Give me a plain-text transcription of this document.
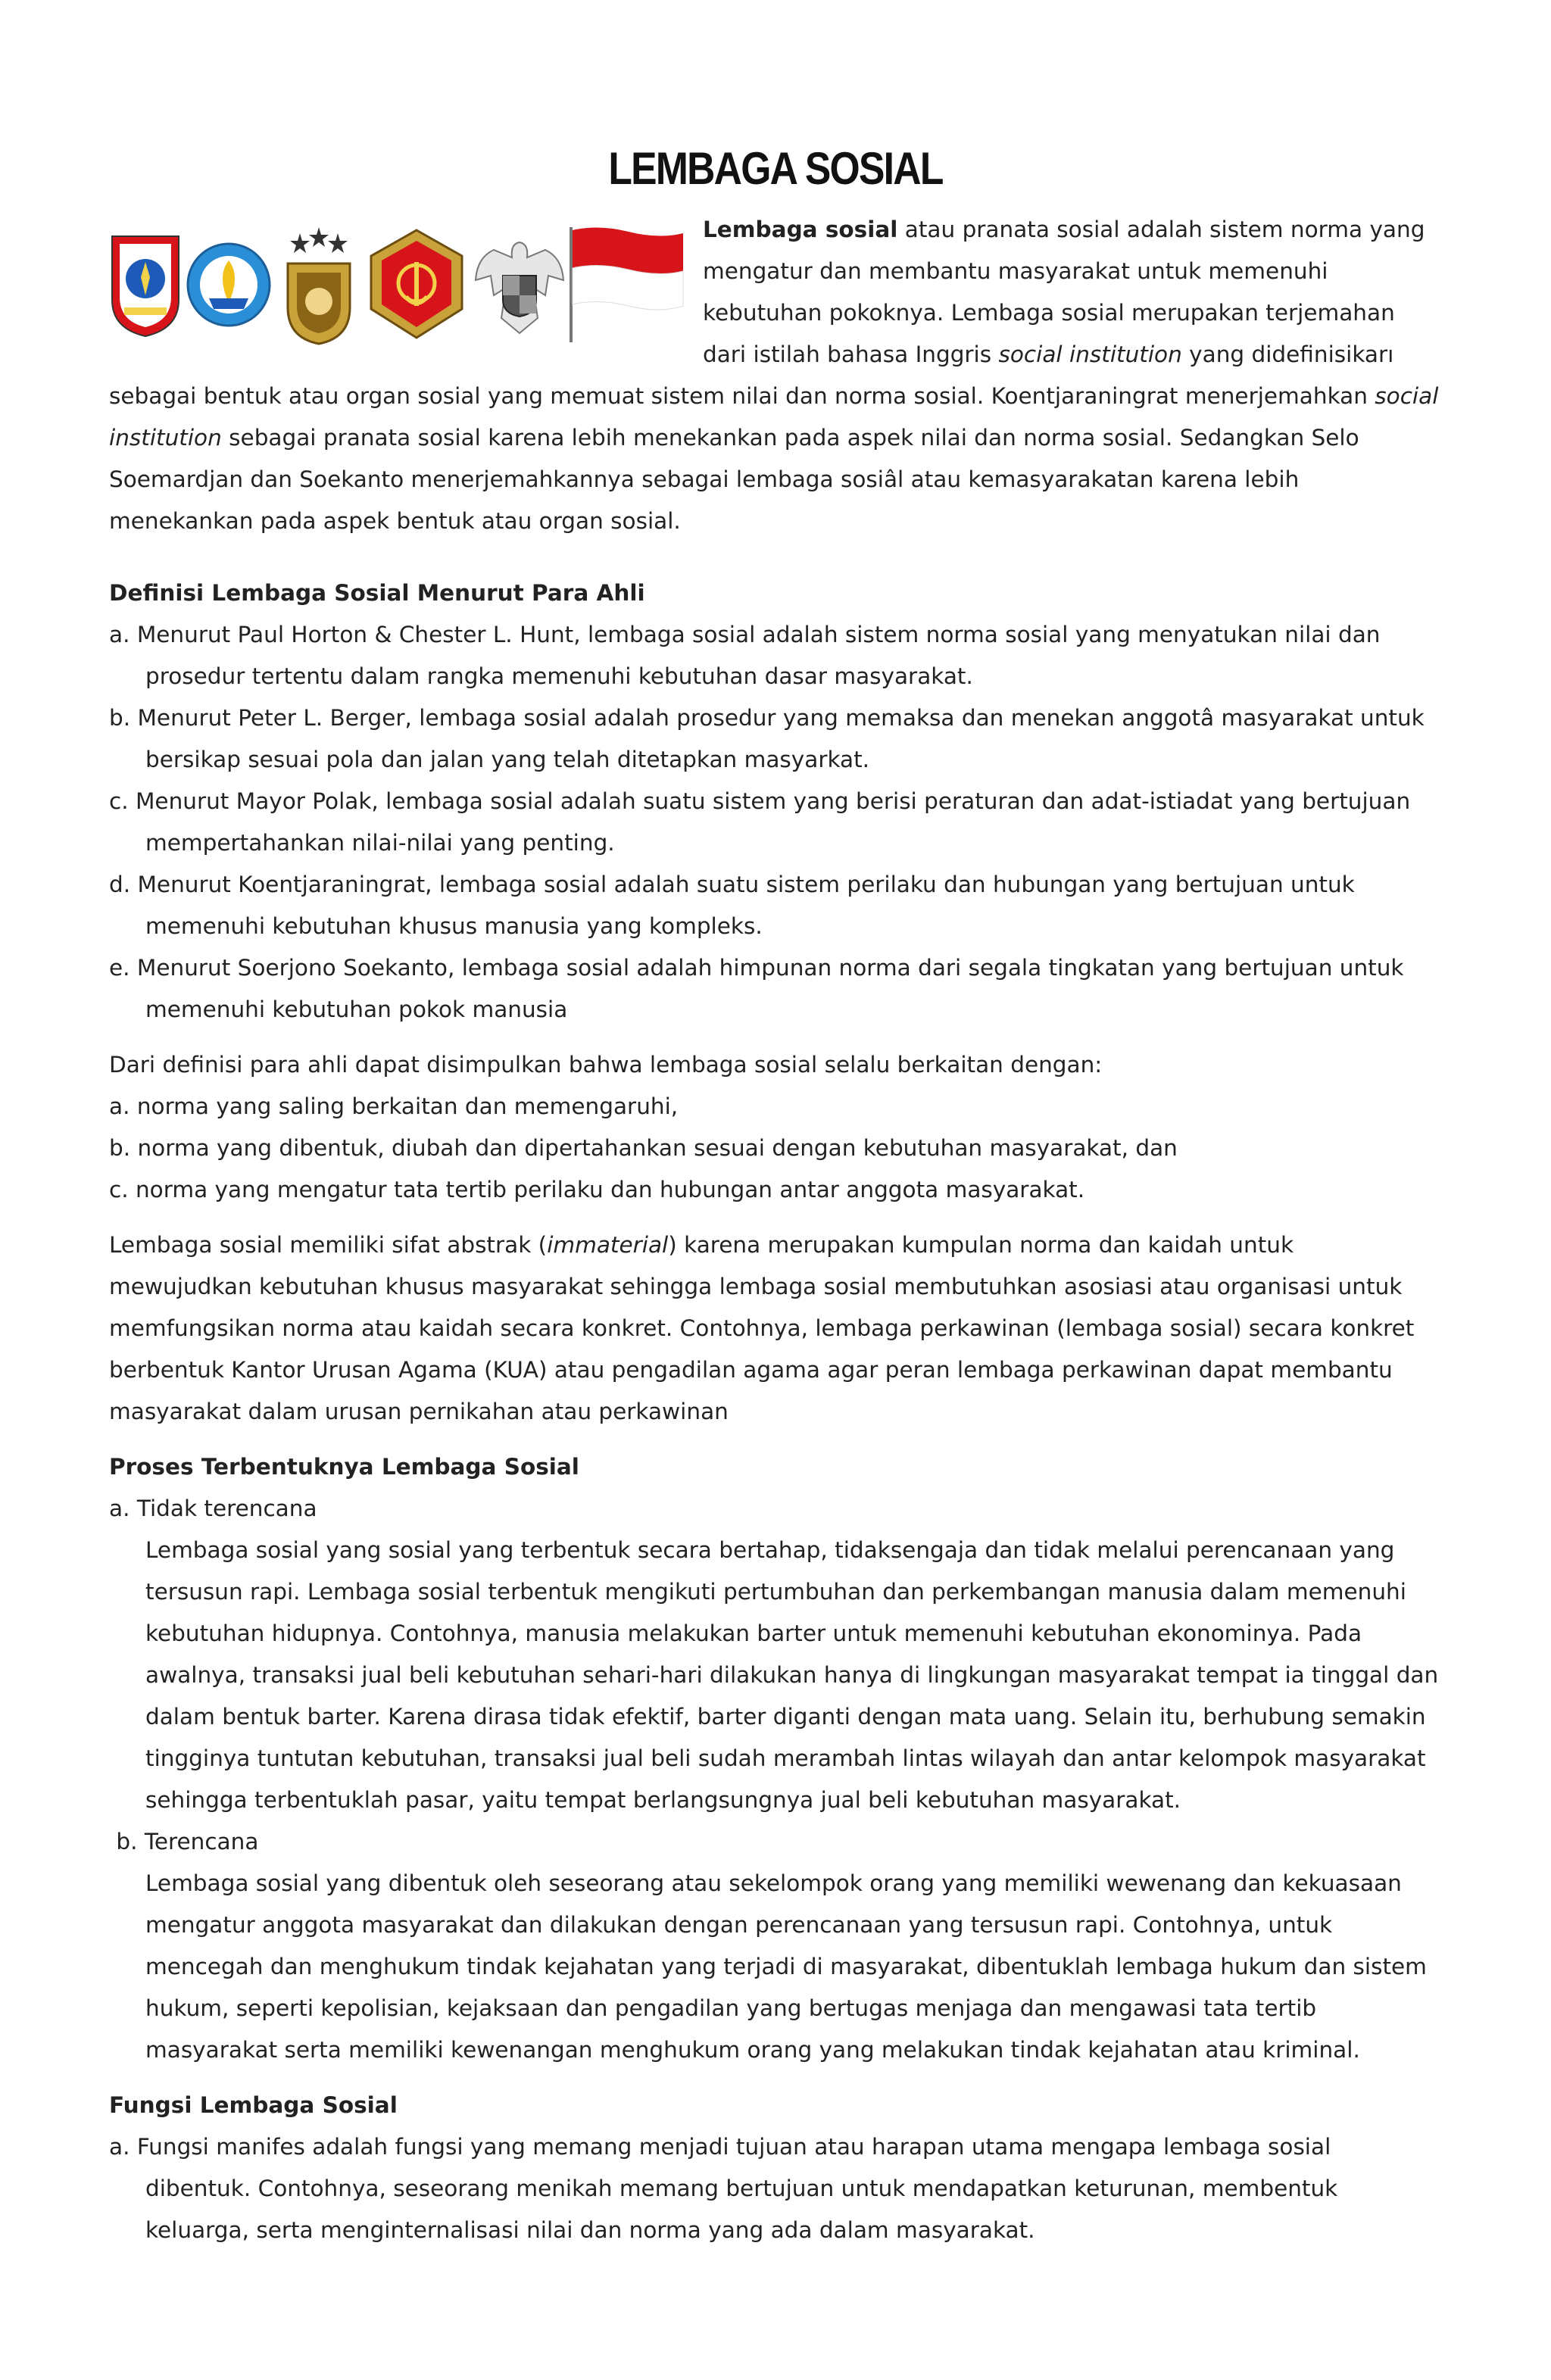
LEMBAGA SOSIAL

Lembaga sosial atau pranata sosial adalah sistem norma yang mengatur dan membantu masyarakat untuk memenuhi kebutuhan pokoknya. Lembaga sosial merupakan terjemahan dari istilah bahasa Inggris social institution yang didefinisikarı

sebagai bentuk atau organ sosial yang memuat sistem nilai dan norma sosial. Koentjaraningrat menerjemahkan social institution sebagai pranata sosial karena lebih menekankan pada aspek nilai dan norma sosial. Sedangkan Selo Soemardjan dan Soekanto menerjemahkannya sebagai lembaga sosiâl atau kemasyarakatan karena lebih menekankan pada aspek bentuk atau organ sosial.

Definisi Lembaga Sosial Menurut Para Ahli

a. Menurut Paul Horton & Chester L. Hunt, lembaga sosial adalah sistem norma sosial yang menyatukan nilai dan prosedur tertentu dalam rangka memenuhi kebutuhan dasar masyarakat.

b. Menurut Peter L. Berger, lembaga sosial adalah prosedur yang memaksa dan menekan anggotâ masyarakat untuk bersikap sesuai pola dan jalan yang telah ditetapkan masyarkat.

c. Menurut Mayor Polak, lembaga sosial adalah suatu sistem yang berisi peraturan dan adat-istiadat yang bertujuan mempertahankan nilai-nilai yang penting.

d. Menurut Koentjaraningrat, lembaga sosial adalah suatu sistem perilaku dan hubungan yang bertujuan untuk memenuhi kebutuhan khusus manusia yang kompleks.

e. Menurut Soerjono Soekanto, lembaga sosial adalah himpunan norma dari segala tingkatan yang bertujuan untuk memenuhi kebutuhan pokok manusia

Dari definisi para ahli dapat disimpulkan bahwa lembaga sosial selalu berkaitan dengan:

a. norma yang saling berkaitan dan memengaruhi,

b. norma yang dibentuk, diubah dan dipertahankan sesuai dengan kebutuhan masyarakat, dan

c. norma yang mengatur tata tertib perilaku dan hubungan antar anggota masyarakat.

Lembaga sosial memiliki sifat abstrak (immaterial) karena merupakan kumpulan norma dan kaidah untuk mewujudkan kebutuhan khusus masyarakat sehingga lembaga sosial membutuhkan asosiasi atau organisasi untuk memfungsikan norma atau kaidah secara konkret. Contohnya, lembaga perkawinan (lembaga sosial) secara konkret berbentuk Kantor Urusan Agama (KUA) atau pengadilan agama agar peran lembaga perkawinan dapat membantu masyarakat dalam urusan pernikahan atau perkawinan

Proses Terbentuknya Lembaga Sosial

a. Tidak terencana

Lembaga sosial yang sosial yang terbentuk secara bertahap, tidaksengaja dan tidak melalui perencanaan yang tersusun rapi. Lembaga sosial terbentuk mengikuti pertumbuhan dan perkembangan manusia dalam memenuhi kebutuhan hidupnya. Contohnya, manusia melakukan barter untuk memenuhi kebutuhan ekonominya. Pada awalnya, transaksi jual beli kebutuhan sehari-hari dilakukan hanya di lingkungan masyarakat tempat ia tinggal dan dalam bentuk barter. Karena dirasa tidak efektif, barter diganti dengan mata uang. Selain itu, berhubung semakin tingginya tuntutan kebutuhan, transaksi jual beli sudah merambah lintas wilayah dan antar kelompok masyarakat sehingga terbentuklah pasar, yaitu tempat berlangsungnya jual beli kebutuhan masyarakat.

b. Terencana

Lembaga sosial yang dibentuk oleh seseorang atau sekelompok orang yang memiliki wewenang dan kekuasaan mengatur anggota masyarakat dan dilakukan dengan perencanaan yang tersusun rapi. Contohnya, untuk mencegah dan menghukum tindak kejahatan yang terjadi di masyarakat, dibentuklah lembaga hukum dan sistem hukum, seperti kepolisian, kejaksaan dan pengadilan yang bertugas menjaga dan mengawasi tata tertib masyarakat serta memiliki kewenangan menghukum orang yang melakukan tindak kejahatan atau kriminal.

Fungsi Lembaga Sosial

a. Fungsi manifes adalah fungsi yang memang menjadi tujuan atau harapan utama mengapa lembaga sosial dibentuk. Contohnya, seseorang menikah memang bertujuan untuk mendapatkan keturunan, membentuk keluarga, serta menginternalisasi nilai dan norma yang ada dalam masyarakat.
